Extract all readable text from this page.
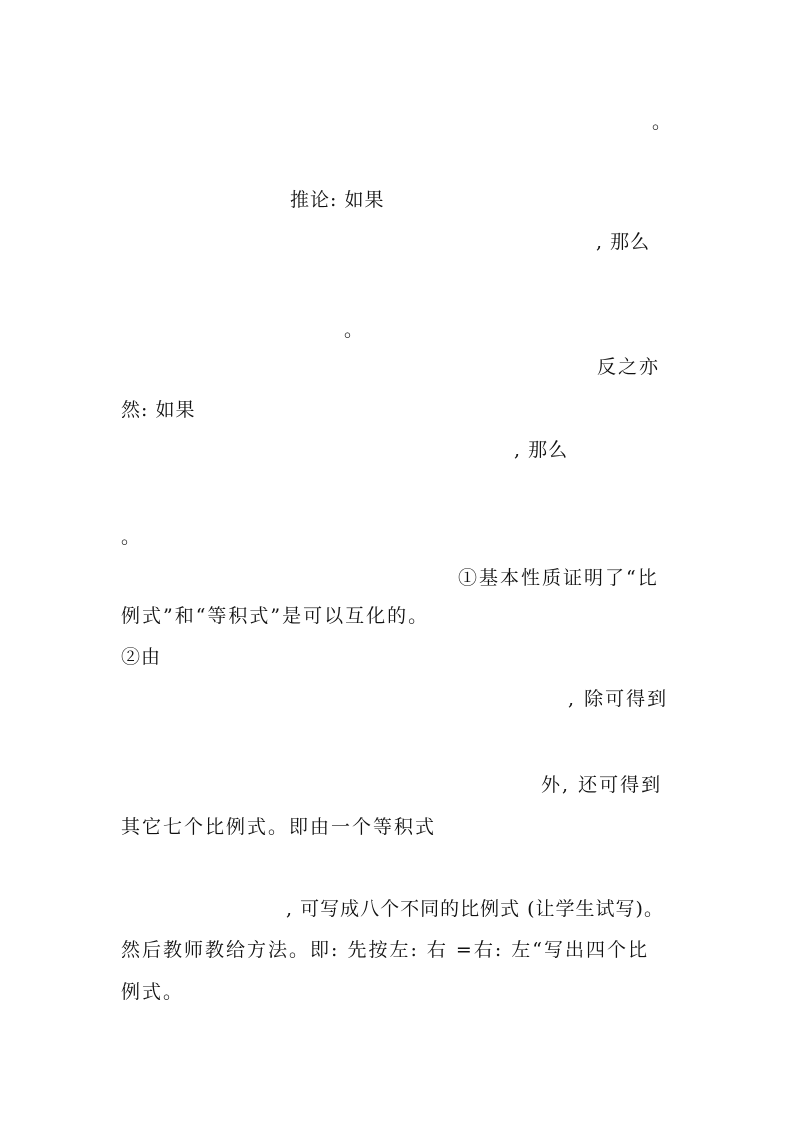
。
推论: 如果
, 那么
。
反之亦
然: 如果
, 那么
。
①基本性质证明了“比
例式”和“等积式”是可以互化的。
②由
, 除可得到
外, 还可得到
其它七个比例式。即由一个等积式
, 可写成八个不同的比例式 (让学生试写)。
然后教师教给方法。即: 先按左: 右 =右: 左“写出四个比
例式。
